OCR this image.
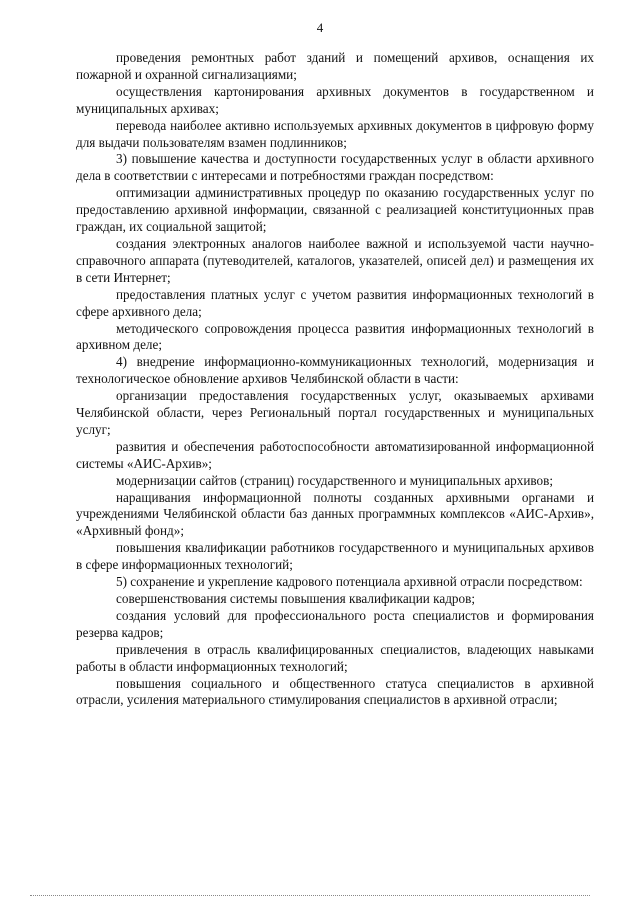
4

проведения ремонтных работ зданий и помещений архивов, оснащения их пожарной и охранной сигнализациями;

осуществления картонирования архивных документов в государственном и муниципальных архивах;

перевода наиболее активно используемых архивных документов в цифровую форму для выдачи пользователям взамен подлинников;

3) повышение качества и доступности государственных услуг в области архивного дела в соответствии с интересами и потребностями граждан посредством:

оптимизации административных процедур по оказанию государственных услуг по предоставлению архивной информации, связанной с реализацией конституционных прав граждан, их социальной защитой;

создания электронных аналогов наиболее важной и используемой части научно-справочного аппарата (путеводителей, каталогов, указателей, описей дел) и размещения их в сети Интернет;

предоставления платных услуг с учетом развития информационных технологий в сфере архивного дела;

методического сопровождения процесса развития информационных технологий в архивном деле;

4) внедрение информационно-коммуникационных технологий, модернизация и технологическое обновление архивов Челябинской области в части:

организации предоставления государственных услуг, оказываемых архивами Челябинской области, через Региональный портал государственных и муниципальных услуг;

развития и обеспечения работоспособности автоматизированной информационной системы «АИС-Архив»;

модернизации сайтов (страниц) государственного и муниципальных архивов;

наращивания информационной полноты созданных архивными органами и учреждениями Челябинской области баз данных программных комплексов «АИС-Архив», «Архивный фонд»;

повышения квалификации работников государственного и муниципальных архивов в сфере информационных технологий;

5) сохранение и укрепление кадрового потенциала архивной отрасли посредством:

совершенствования системы повышения квалификации кадров;

создания условий для профессионального роста специалистов и формирования резерва кадров;

привлечения в отрасль квалифицированных специалистов, владеющих навыками работы в области информационных технологий;

повышения социального и общественного статуса специалистов в архивной отрасли, усиления материального стимулирования специалистов в архивной отрасли;
